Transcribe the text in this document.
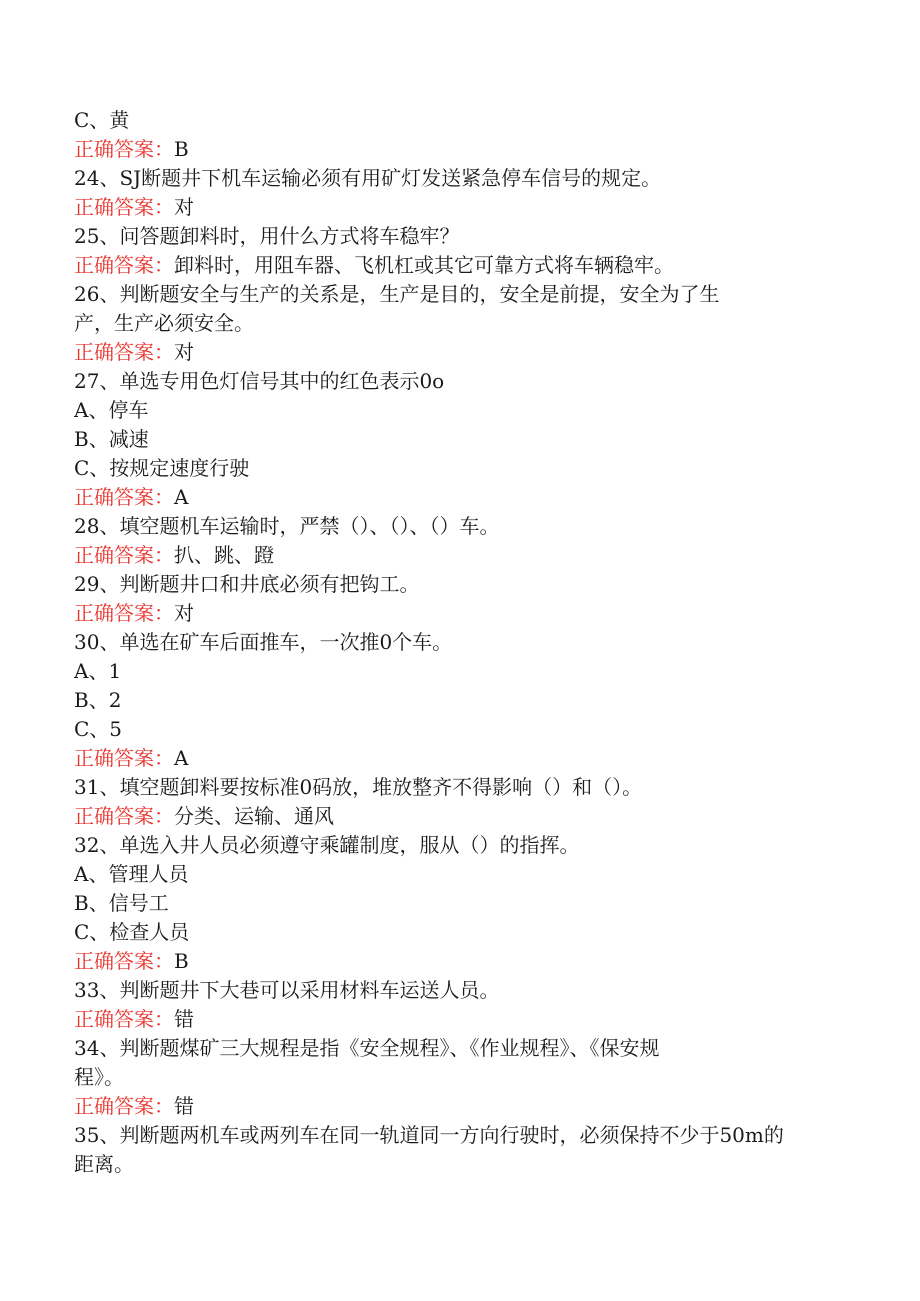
C、黄
正确答案：B
24、SJ断题井下机车运输必须有用矿灯发送紧急停车信号的规定。
正确答案：对
25、问答题卸料时，用什么方式将车稳牢？
正确答案：卸料时，用阻车器、飞机杠或其它可靠方式将车辆稳牢。
26、判断题安全与生产的关系是，生产是目的，安全是前提，安全为了生
产，生产必须安全。
正确答案：对
27、单选专用色灯信号其中的红色表示0o
A、停车
B、减速
C、按规定速度行驶
正确答案：A
28、填空题机车运输时，严禁（）、（）、（）车。
正确答案：扒、跳、蹬
29、判断题井口和井底必须有把钩工。
正确答案：对
30、单选在矿车后面推车，一次推0个车。
A、1
B、2
C、5
正确答案：A
31、填空题卸料要按标准0码放，堆放整齐不得影响（）和（）。
正确答案：分类、运输、通风
32、单选入井人员必须遵守乘罐制度，服从（）的指挥。
A、管理人员
B、信号工
C、检查人员
正确答案：B
33、判断题井下大巷可以采用材料车运送人员。
正确答案：错
34、判断题煤矿三大规程是指《安全规程》、《作业规程》、《保安规
程》。
正确答案：错
35、判断题两机车或两列车在同一轨道同一方向行驶时，必须保持不少于50m的
距离。
